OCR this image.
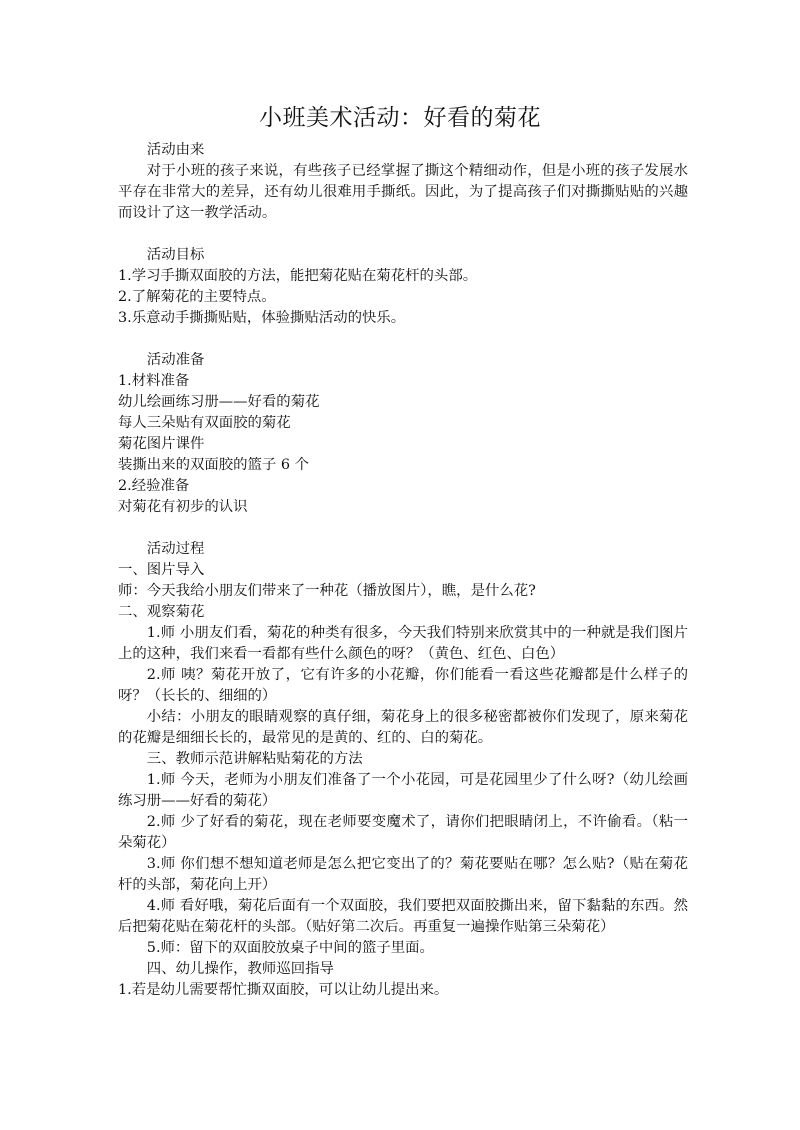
小班美术活动：好看的菊花
活动由来
对于小班的孩子来说，有些孩子已经掌握了撕这个精细动作，但是小班的孩子发展水平存在非常大的差异，还有幼儿很难用手撕纸。因此，为了提高孩子们对撕撕贴贴的兴趣而设计了这一教学活动。
活动目标
1.学习手撕双面胶的方法，能把菊花贴在菊花杆的头部。
2.了解菊花的主要特点。
3.乐意动手撕撕贴贴，体验撕贴活动的快乐。
活动准备
1.材料准备
幼儿绘画练习册——好看的菊花
每人三朵贴有双面胶的菊花
菊花图片课件
装撕出来的双面胶的篮子 6 个
2.经验准备
对菊花有初步的认识
活动过程
一、图片导入
师：今天我给小朋友们带来了一种花（播放图片），瞧，是什么花?
二、观察菊花
1.师 小朋友们看，菊花的种类有很多，今天我们特别来欣赏其中的一种就是我们图片上的这种，我们来看一看都有些什么颜色的呀？（黄色、红色、白色）
2.师 咦？菊花开放了，它有许多的小花瓣，你们能看一看这些花瓣都是什么样子的呀？（长长的、细细的）
小结：小朋友的眼睛观察的真仔细，菊花身上的很多秘密都被你们发现了，原来菊花的花瓣是细细长长的，最常见的是黄的、红的、白的菊花。
三、教师示范讲解粘贴菊花的方法
1.师 今天，老师为小朋友们准备了一个小花园，可是花园里少了什么呀?（幼儿绘画练习册——好看的菊花）
2.师 少了好看的菊花，现在老师要变魔术了，请你们把眼睛闭上，不许偷看。（粘一朵菊花）
3.师 你们想不想知道老师是怎么把它变出了的？菊花要贴在哪？怎么贴?（贴在菊花杆的头部，菊花向上开）
4.师 看好哦，菊花后面有一个双面胶，我们要把双面胶撕出来，留下黏黏的东西。然后把菊花贴在菊花杆的头部。（贴好第二次后。再重复一遍操作贴第三朵菊花）
5.师：留下的双面胶放桌子中间的篮子里面。
四、幼儿操作，教师巡回指导
1.若是幼儿需要帮忙撕双面胶，可以让幼儿提出来。
